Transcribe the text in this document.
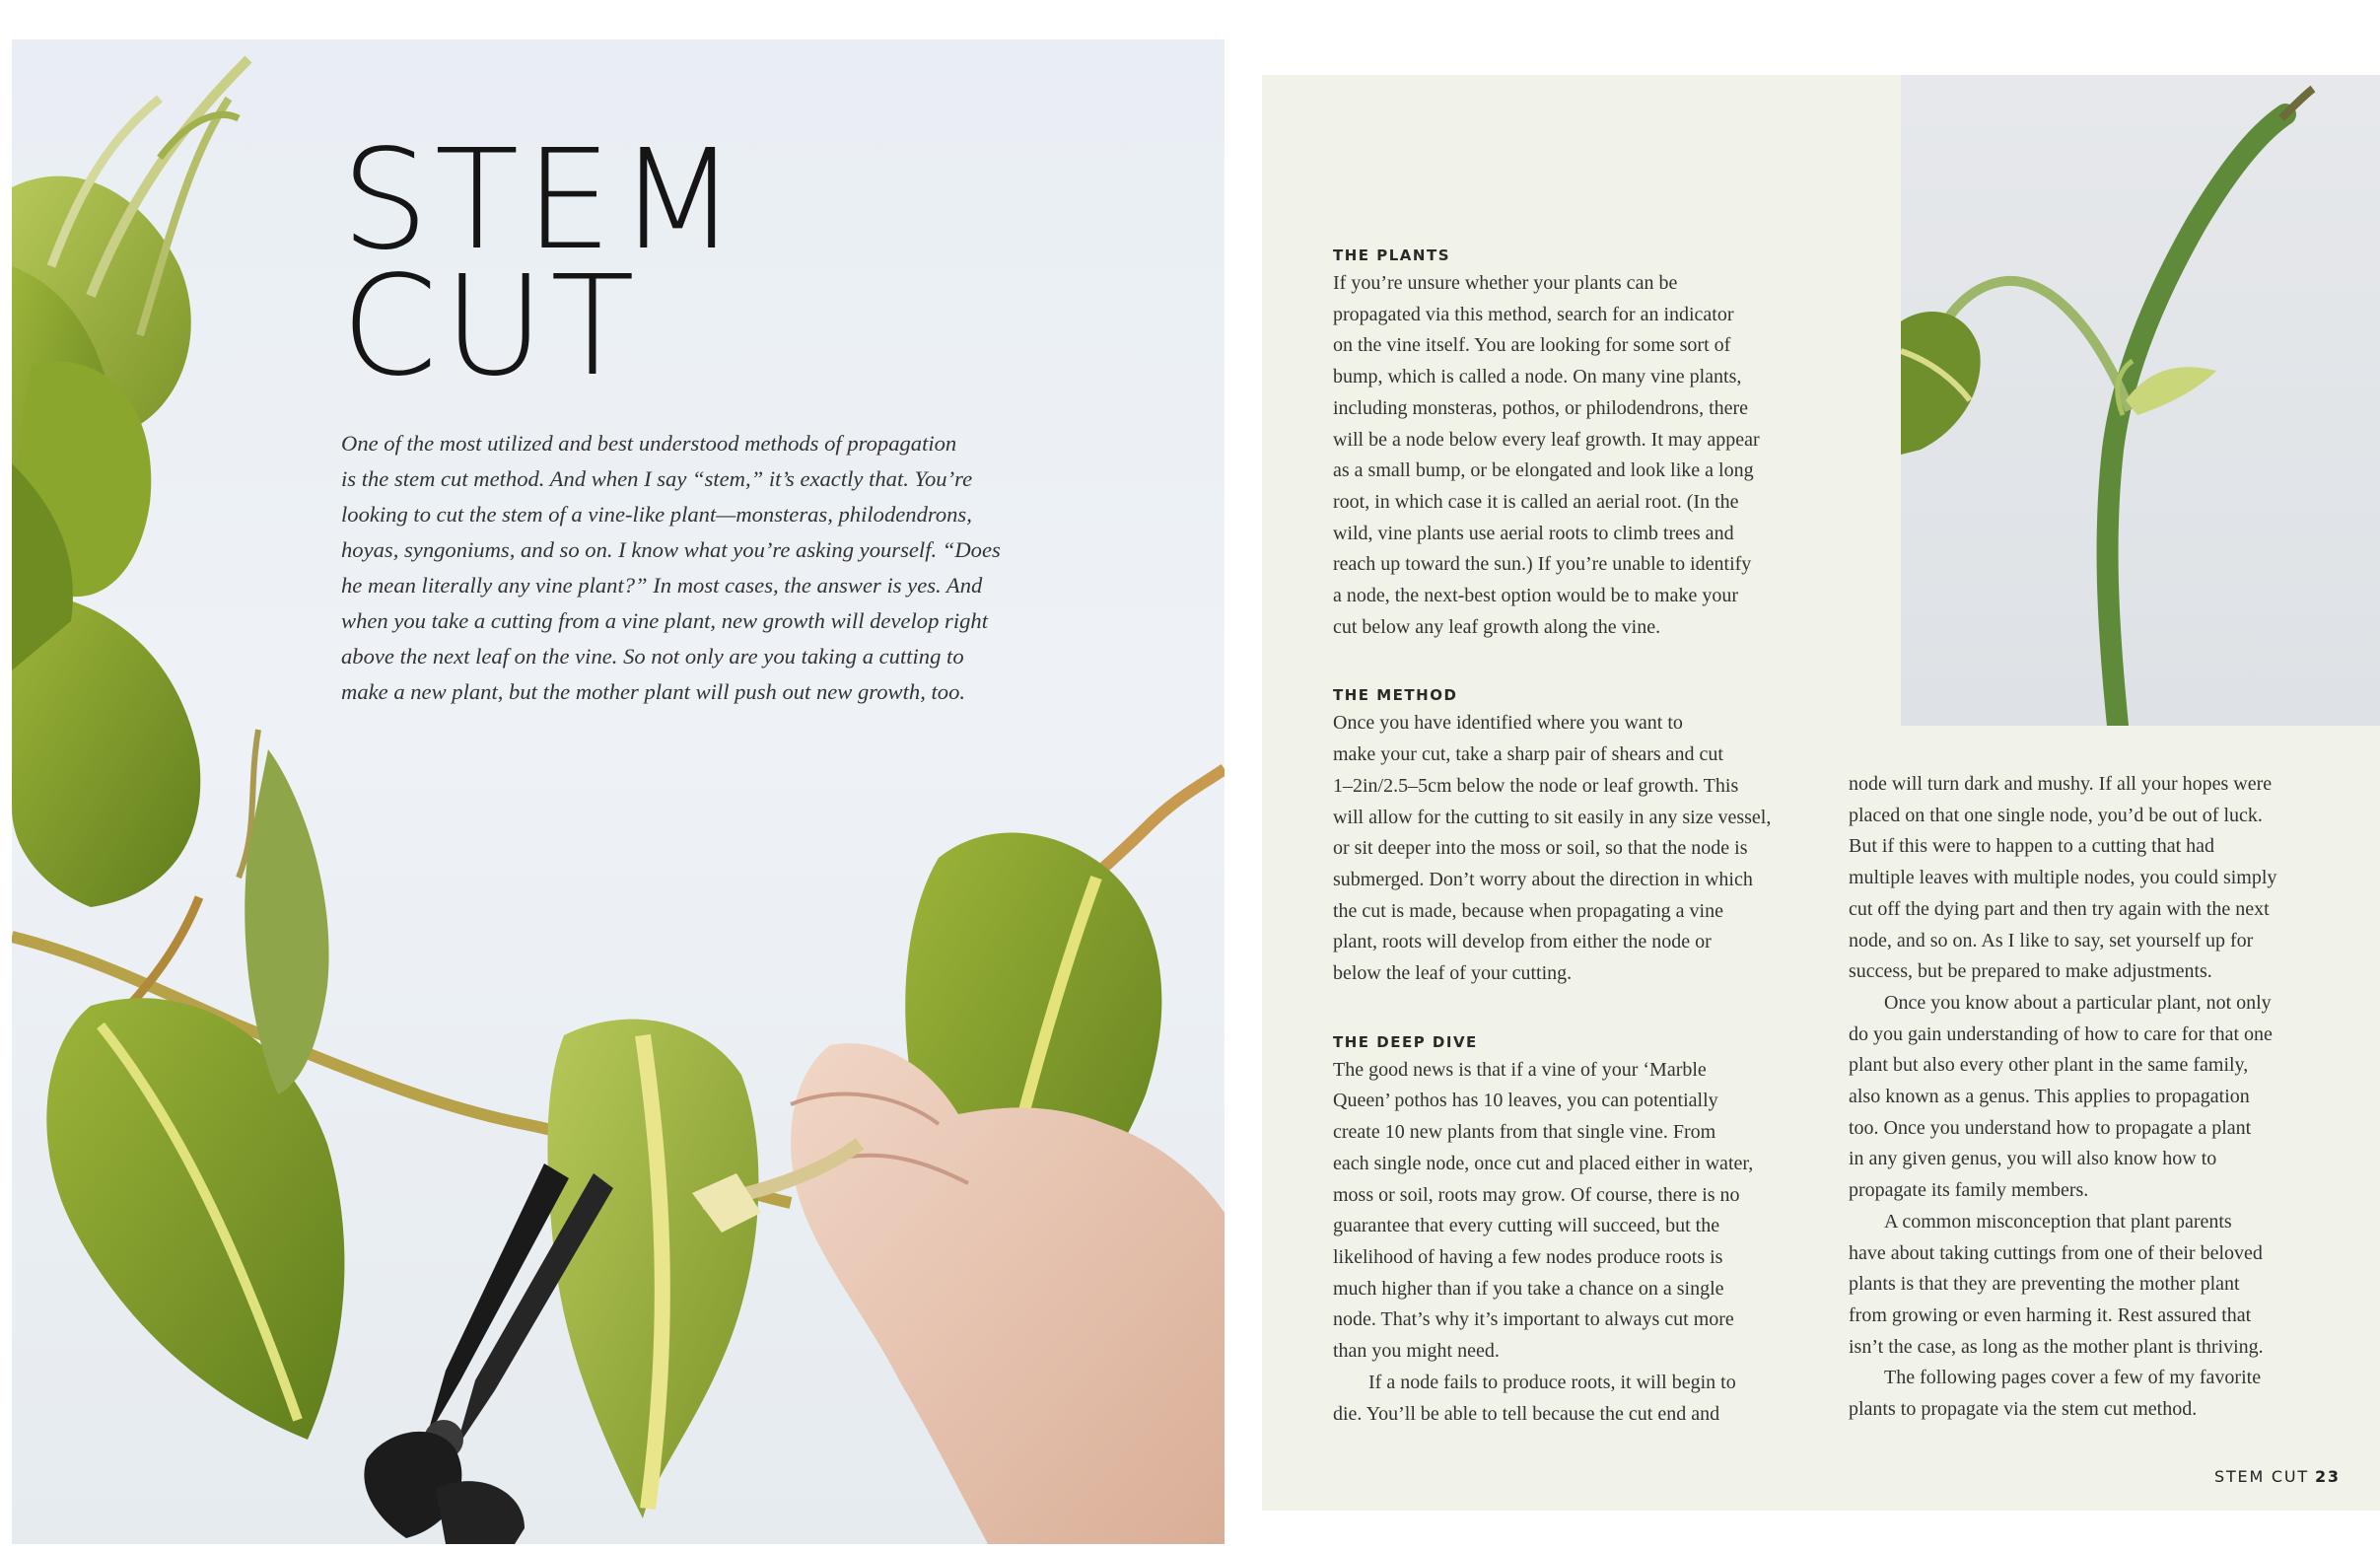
STEM
CUT
One of the most utilized and best understood methods of propagation
is the stem cut method. And when I say “stem,” it’s exactly that. You’re
looking to cut the stem of a vine-like plant—monsteras, philodendrons,
hoyas, syngoniums, and so on. I know what you’re asking yourself. “Does
he mean literally any vine plant?” In most cases, the answer is yes. And
when you take a cutting from a vine plant, new growth will develop right
above the next leaf on the vine. So not only are you taking a cutting to
make a new plant, but the mother plant will push out new growth, too.
THE PLANTS

If you’re unsure whether your plants can be
propagated via this method, search for an indicator
on the vine itself. You are looking for some sort of
bump, which is called a node. On many vine plants,
including monsteras, pothos, or philodendrons, there
will be a node below every leaf growth. It may appear
as a small bump, or be elongated and look like a long
root, in which case it is called an aerial root. (In the
wild, vine plants use aerial roots to climb trees and
reach up toward the sun.) If you’re unable to identify
a node, the next-best option would be to make your
cut below any leaf growth along the vine.

THE METHOD

Once you have identified where you want to
make your cut, take a sharp pair of shears and cut
1–2in/2.5–5cm below the node or leaf growth. This
will allow for the cutting to sit easily in any size vessel,
or sit deeper into the moss or soil, so that the node is
submerged. Don’t worry about the direction in which
the cut is made, because when propagating a vine
plant, roots will develop from either the node or
below the leaf of your cutting.

THE DEEP DIVE

The good news is that if a vine of your ‘Marble
Queen’ pothos has 10 leaves, you can potentially
create 10 new plants from that single vine. From
each single node, once cut and placed either in water,
moss or soil, roots may grow. Of course, there is no
guarantee that every cutting will succeed, but the
likelihood of having a few nodes produce roots is
much higher than if you take a chance on a single
node. That’s why it’s important to always cut more
than you might need.
If a node fails to produce roots, it will begin to
die. You’ll be able to tell because the cut end and

node will turn dark and mushy. If all your hopes were
placed on that one single node, you’d be out of luck.
But if this were to happen to a cutting that had
multiple leaves with multiple nodes, you could simply
cut off the dying part and then try again with the next
node, and so on. As I like to say, set yourself up for
success, but be prepared to make adjustments.

Once you know about a particular plant, not only
do you gain understanding of how to care for that one
plant but also every other plant in the same family,
also known as a genus. This applies to propagation
too. Once you understand how to propagate a plant
in any given genus, you will also know how to
propagate its family members.

A common misconception that plant parents
have about taking cuttings from one of their beloved
plants is that they are preventing the mother plant
from growing or even harming it. Rest assured that
isn’t the case, as long as the mother plant is thriving.

The following pages cover a few of my favorite
plants to propagate via the stem cut method.

STEM CUT 23
